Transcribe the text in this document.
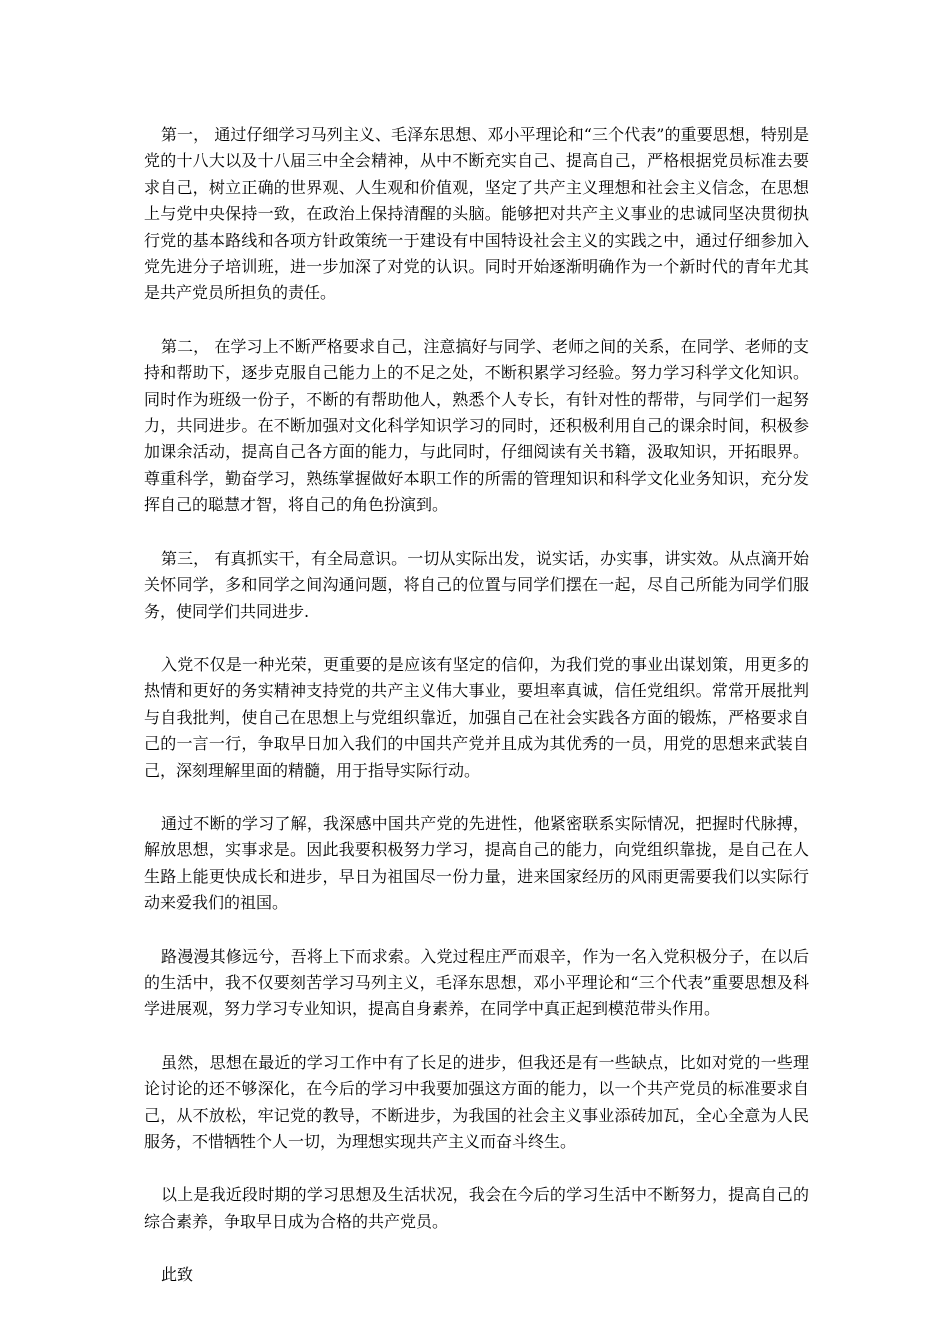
第一， 通过仔细学习马列主义、毛泽东思想、邓小平理论和“三个代表”的重要思想，特别是党的十八大以及十八届三中全会精神，从中不断充实自己、提高自己，严格根据党员标准去要求自己，树立正确的世界观、人生观和价值观，坚定了共产主义理想和社会主义信念，在思想上与党中央保持一致，在政治上保持清醒的头脑。能够把对共产主义事业的忠诚同坚决贯彻执行党的基本路线和各项方针政策统一于建设有中国特设社会主义的实践之中，通过仔细参加入党先进分子培训班，进一步加深了对党的认识。同时开始逐渐明确作为一个新时代的青年尤其是共产党员所担负的责任。

第二， 在学习上不断严格要求自己，注意搞好与同学、老师之间的关系，在同学、老师的支持和帮助下，逐步克服自己能力上的不足之处，不断积累学习经验。努力学习科学文化知识。同时作为班级一份子，不断的有帮助他人，熟悉个人专长，有针对性的帮带，与同学们一起努力，共同进步。在不断加强对文化科学知识学习的同时，还积极利用自己的课余时间，积极参加课余活动，提高自己各方面的能力，与此同时，仔细阅读有关书籍，汲取知识，开拓眼界。尊重科学，勤奋学习，熟练掌握做好本职工作的所需的管理知识和科学文化业务知识，充分发挥自己的聪慧才智，将自己的角色扮演到。

第三， 有真抓实干，有全局意识。一切从实际出发，说实话，办实事，讲实效。从点滴开始关怀同学，多和同学之间沟通问题，将自己的位置与同学们摆在一起，尽自己所能为同学们服务，使同学们共同进步.

入党不仅是一种光荣，更重要的是应该有坚定的信仰，为我们党的事业出谋划策，用更多的热情和更好的务实精神支持党的共产主义伟大事业，要坦率真诚，信任党组织。常常开展批判与自我批判，使自己在思想上与党组织靠近，加强自己在社会实践各方面的锻炼，严格要求自己的一言一行，争取早日加入我们的中国共产党并且成为其优秀的一员，用党的思想来武装自己，深刻理解里面的精髓，用于指导实际行动。

通过不断的学习了解，我深感中国共产党的先进性，他紧密联系实际情况，把握时代脉搏，解放思想，实事求是。因此我要积极努力学习，提高自己的能力，向党组织靠拢，是自己在人生路上能更快成长和进步，早日为祖国尽一份力量，进来国家经历的风雨更需要我们以实际行动来爱我们的祖国。

路漫漫其修远兮，吾将上下而求索。入党过程庄严而艰辛，作为一名入党积极分子，在以后的生活中，我不仅要刻苦学习马列主义，毛泽东思想，邓小平理论和“三个代表”重要思想及科学进展观，努力学习专业知识，提高自身素养，在同学中真正起到模范带头作用。

虽然，思想在最近的学习工作中有了长足的进步，但我还是有一些缺点，比如对党的一些理论讨论的还不够深化，在今后的学习中我要加强这方面的能力，以一个共产党员的标准要求自己，从不放松，牢记党的教导，不断进步，为我国的社会主义事业添砖加瓦，全心全意为人民服务，不惜牺牲个人一切，为理想实现共产主义而奋斗终生。

以上是我近段时期的学习思想及生活状况，我会在今后的学习生活中不断努力，提高自己的综合素养，争取早日成为合格的共产党员。

此致
